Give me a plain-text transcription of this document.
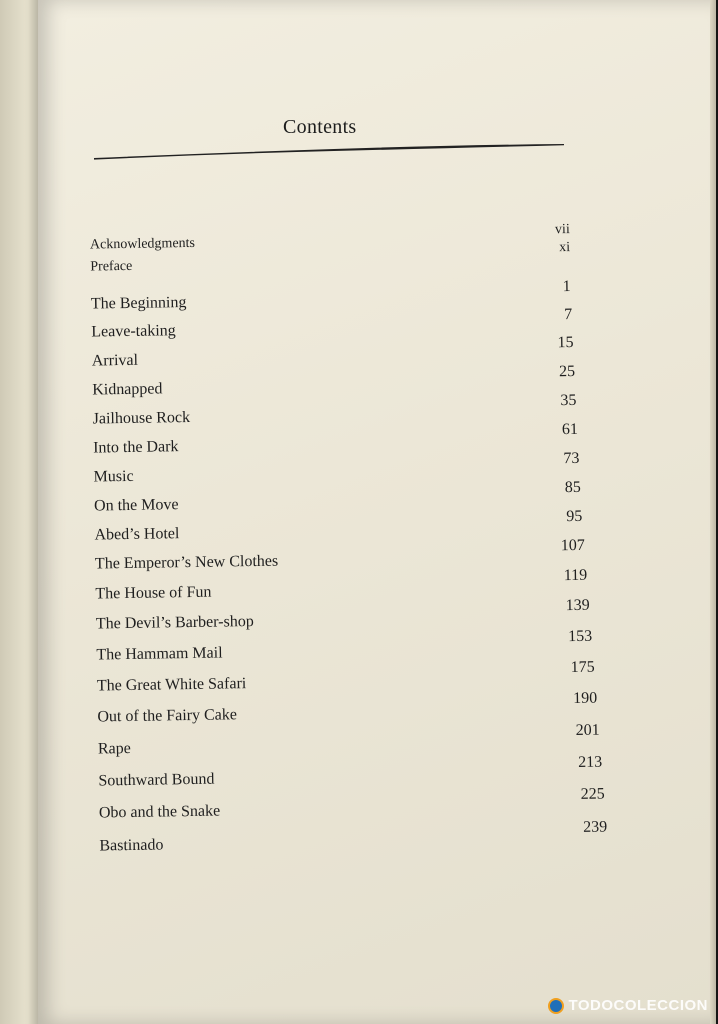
Contents
Acknowledgments
vii
Preface
xi
The Beginning
1
Leave-taking
7
Arrival
15
Kidnapped
25
Jailhouse Rock
35
Into the Dark
61
Music
73
On the Move
85
Abed’s Hotel
95
The Emperor’s New Clothes
107
The House of Fun
119
The Devil’s Barber-shop
139
The Hammam Mail
153
The Great White Safari
175
Out of the Fairy Cake
190
Rape
201
Southward Bound
213
Obo and the Snake
225
Bastinado
239
TODOCOLECCION
